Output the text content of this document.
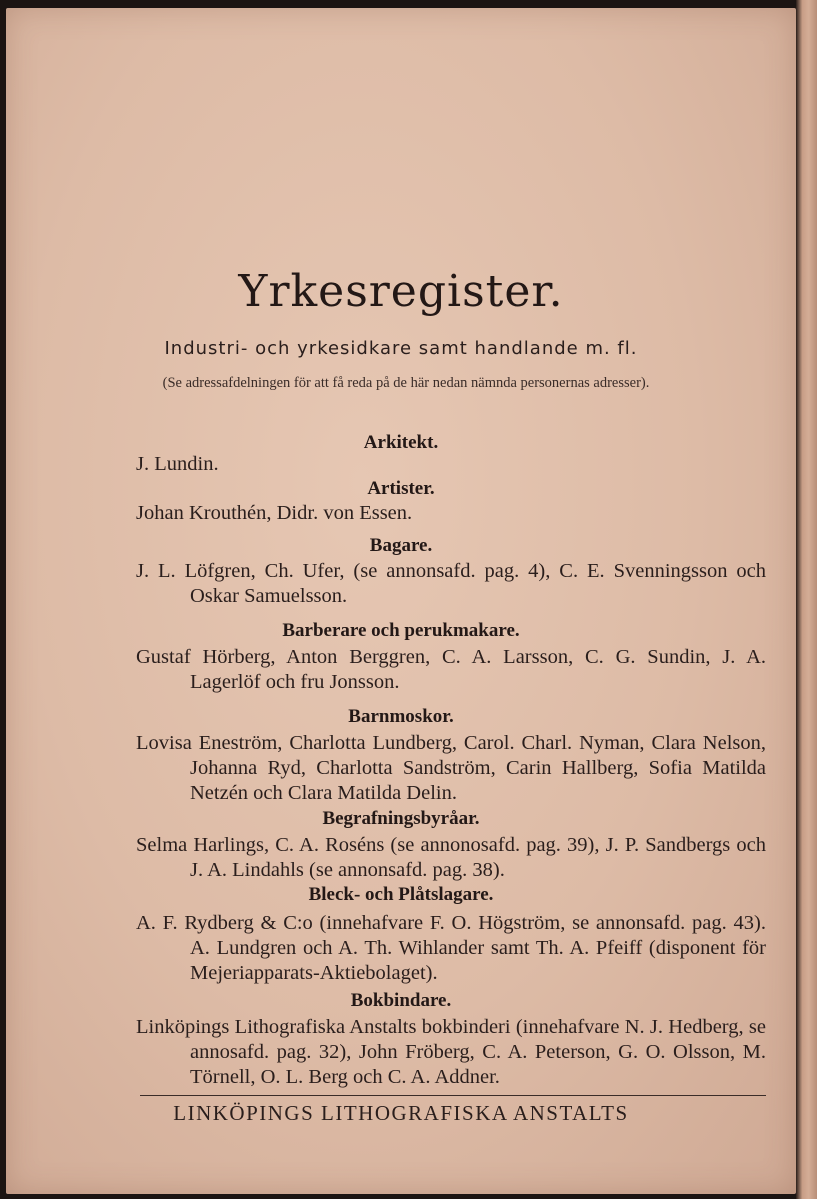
Yrkesregister.
Industri- och yrkesidkare samt handlande m. fl.
(Se adressafdelningen för att få reda på de här nedan nämnda personernas adresser).
Arkitekt.
J. Lundin.
Artister.
Johan Krouthén, Didr. von Essen.
Bagare.
J. L. Löfgren, Ch. Ufer, (se annonsafd. pag. 4), C. E. Svenningsson och Oskar Samuelsson.
Barberare och perukmakare.
Gustaf Hörberg, Anton Berggren, C. A. Larsson, C. G. Sundin, J. A. Lagerlöf och fru Jonsson.
Barnmoskor.
Lovisa Eneström, Charlotta Lundberg, Carol. Charl. Nyman, Clara Nelson, Johanna Ryd, Charlotta Sandström, Carin Hallberg, Sofia Matilda Netzén och Clara Matilda Delin.
Begrafningsbyråar.
Selma Harlings, C. A. Roséns (se annonosafd. pag. 39), J. P. Sandbergs och J. A. Lindahls (se annonsafd. pag. 38).
Bleck- och Plåtslagare.
A. F. Rydberg & C:o (innehafvare F. O. Högström, se annonsafd. pag. 43). A. Lundgren och A. Th. Wihlander samt Th. A. Pfeiff (disponent för Mejeriapparats-Aktiebolaget).
Bokbindare.
Linköpings Lithografiska Anstalts bokbinderi (innehafvare N. J. Hedberg, se annosafd. pag. 32), John Fröberg, C. A. Peterson, G. O. Olsson, M. Törnell, O. L. Berg och C. A. Addner.
LINKÖPINGS LITHOGRAFISKA ANSTALTS
